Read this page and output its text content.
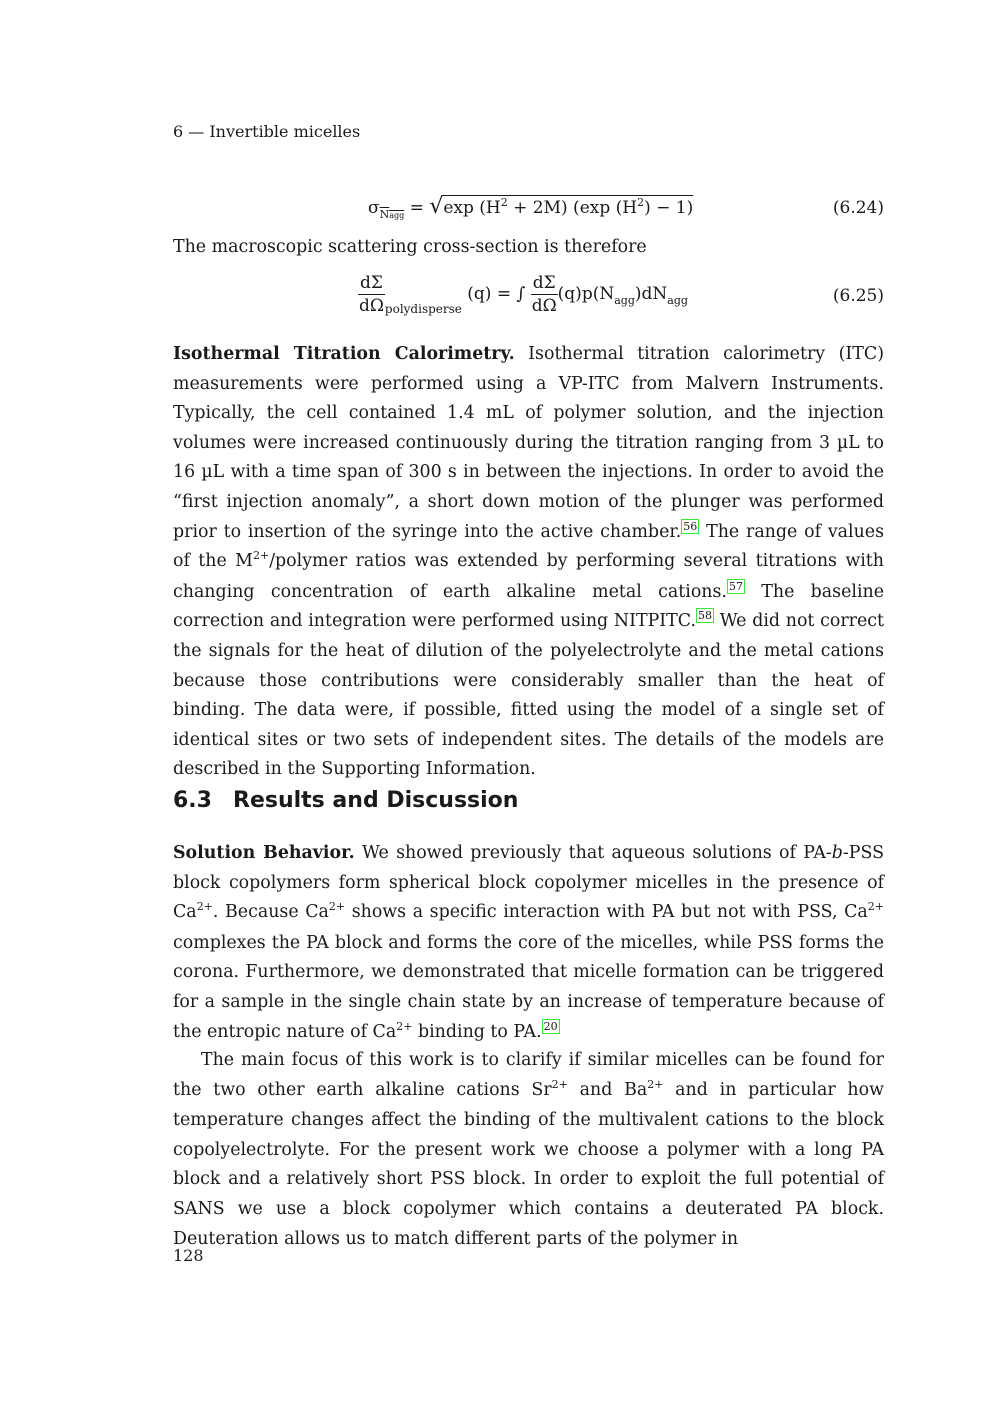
6 — Invertible micelles
$\sigma_{Nagg} = √\exp$ $(H^2 + 2M)$ (exp $(H^2) - 1$)	(6.24)
The macroscopic scattering cross-section is therefore
$\frac{d\Sigma}{d\Omega} _{polydisperse}$ (q) = ∫ $\frac{d\Sigma}{d\Omega} (q)p(N_{agg})dN_{agg}$	(6.25)

Isothermal Titration Calorimetry. Isothermal titration calorimetry (ITC) measurements were performed using a VP-ITC from Malvern Instruments. Typically, the cell contained 1.4 mL of polymer solution, and the injection volumes were increased continuously during the titration ranging from 3 µL to 16 µL with a time span of 300 s in between the injections. In order to avoid the “first injection anomaly”, a short down motion of the plunger was performed prior to insertion of the syringe into the active chamber. $^{56}$ The range of values of the $M^{2+}$/polymer ratios was extended by performing several titrations with changing concentration of earth alkaline metal cations. $^{57}$ The baseline correction and integration were performed using NITPITC. $^{58}$ We did not correct the signals for the heat of dilution of the polyelectrolyte and the metal cations because those contributions were considerably smaller than the heat of binding. The data were, if possible, fitted using the model of a single set of identical sites or two sets of independent sites. The details of the models are described in the Supporting Information.

6.3 Results and Discussion

Solution Behavior. We showed previously that aqueous solutions of PA-b-PSS block copolymers form spherical block copolymer micelles in the presence of $Ca^{2+}$. Because $Ca^{2+}$ shows a specific interaction with PA but not with PSS, $Ca^{2+}$ complexes the PA block and forms the core of the micelles, while PSS forms the corona. Furthermore, we demonstrated that micelle formation can be triggered for a sample in the single chain state by an increase of temperature because of the entropic nature of $Ca^{2+}$ binding to PA. $^{20}$

The main focus of this work is to clarify if similar micelles can be found for the two other earth alkaline cations $Sr^{2+}$ and $Ba^{2+}$ and in particular how temperature changes affect the binding of the multivalent cations to the block copolyelectrolyte. For the present work we choose a polymer with a long PA block and a relatively short PSS block. In order to exploit the full potential of SANS we use a block copolymer which contains a deuterated PA block. Deuteration allows us to match different parts of the polymer in

128
